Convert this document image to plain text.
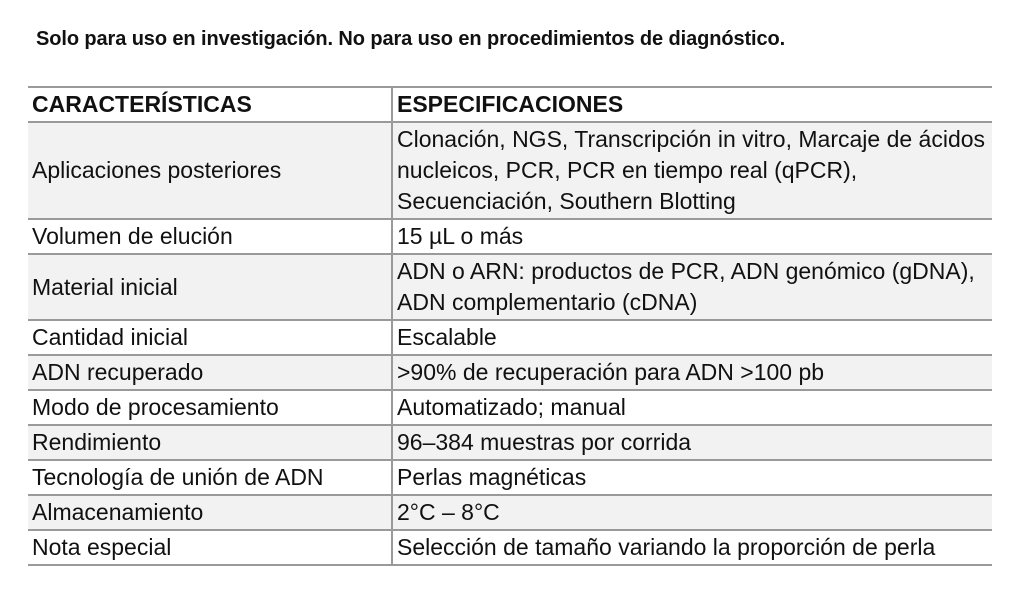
Solo para uso en investigación. No para uso en procedimientos de diagnóstico.
CARACTERÍSTICAS	ESPECIFICACIONES
Aplicaciones posteriores	Clonación, NGS, Transcripción in vitro, Marcaje de ácidos nucleicos, PCR, PCR en tiempo real (qPCR), Secuenciación, Southern Blotting
Volumen de elución	15 µL o más
Material inicial	ADN o ARN: productos de PCR, ADN genómico (gDNA), ADN complementario (cDNA)
Cantidad inicial	Escalable
ADN recuperado	>90% de recuperación para ADN >100 pb
Modo de procesamiento	Automatizado; manual
Rendimiento	96–384 muestras por corrida
Tecnología de unión de ADN	Perlas magnéticas
Almacenamiento	2°C – 8°C
Nota especial	Selección de tamaño variando la proporción de perla
